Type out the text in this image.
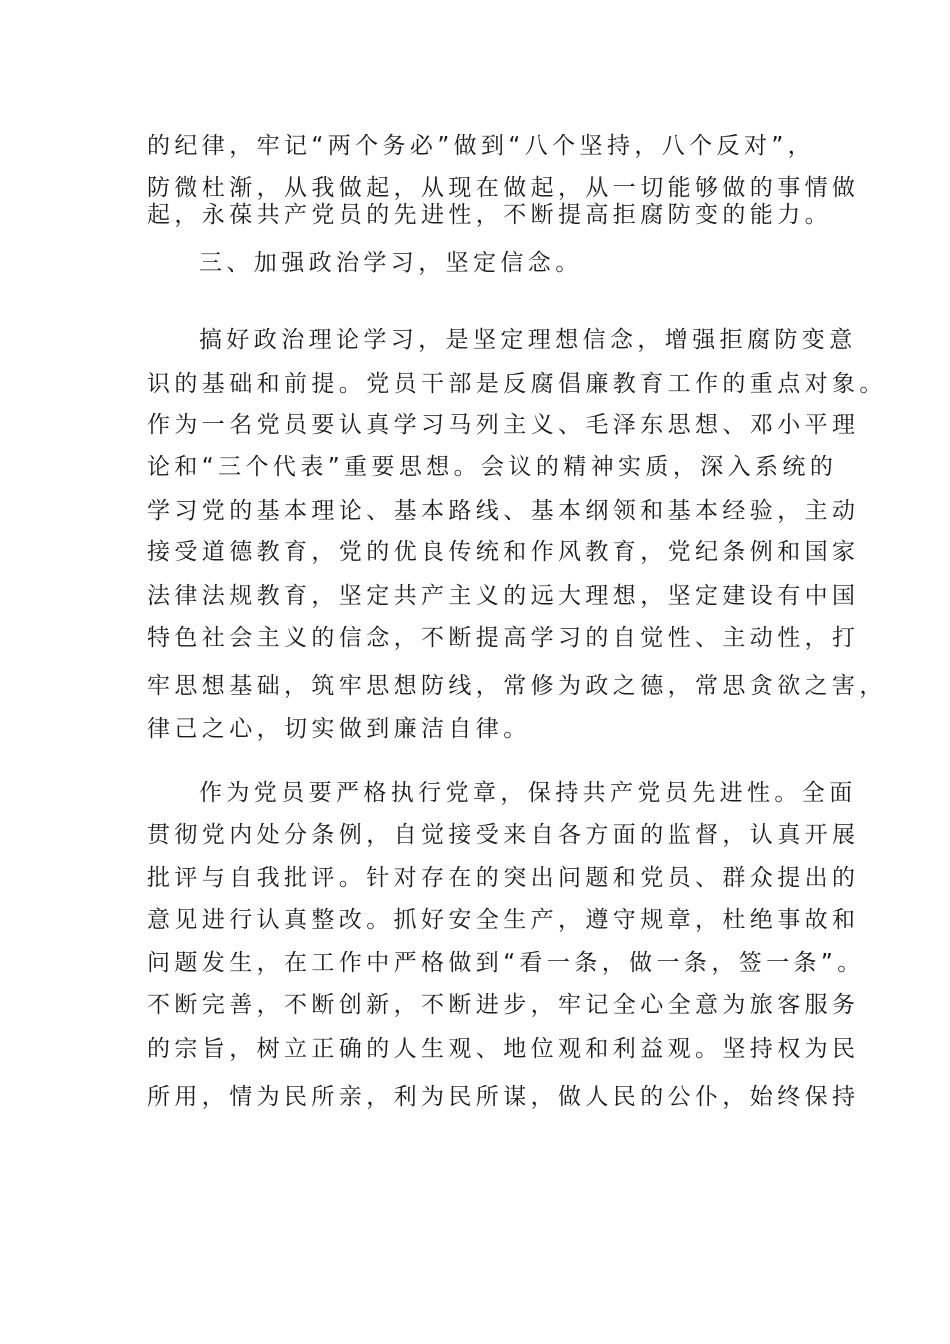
的纪律，牢记“两个务必”做到“八个坚持，八个反对”，
防微杜渐，从我做起，从现在做起，从一切能够做的事情做
起，永葆共产党员的先进性，不断提高拒腐防变的能力。
三、加强政治学习，坚定信念。
搞好政治理论学习，是坚定理想信念，增强拒腐防变意
识的基础和前提。党员干部是反腐倡廉教育工作的重点对象。
作为一名党员要认真学习马列主义、毛泽东思想、邓小平理
论和“三个代表”重要思想。会议的精神实质，深入系统的
学习党的基本理论、基本路线、基本纲领和基本经验，主动
接受道德教育，党的优良传统和作风教育，党纪条例和国家
法律法规教育，坚定共产主义的远大理想，坚定建设有中国
特色社会主义的信念，不断提高学习的自觉性、主动性，打
牢思想基础，筑牢思想防线，常修为政之德，常思贪欲之害，
律己之心，切实做到廉洁自律。
作为党员要严格执行党章，保持共产党员先进性。全面
贯彻党内处分条例，自觉接受来自各方面的监督，认真开展
批评与自我批评。针对存在的突出问题和党员、群众提出的
意见进行认真整改。抓好安全生产，遵守规章，杜绝事故和
问题发生，在工作中严格做到“看一条，做一条，签一条”。
不断完善，不断创新，不断进步，牢记全心全意为旅客服务
的宗旨，树立正确的人生观、地位观和利益观。坚持权为民
所用，情为民所亲，利为民所谋，做人民的公仆，始终保持
